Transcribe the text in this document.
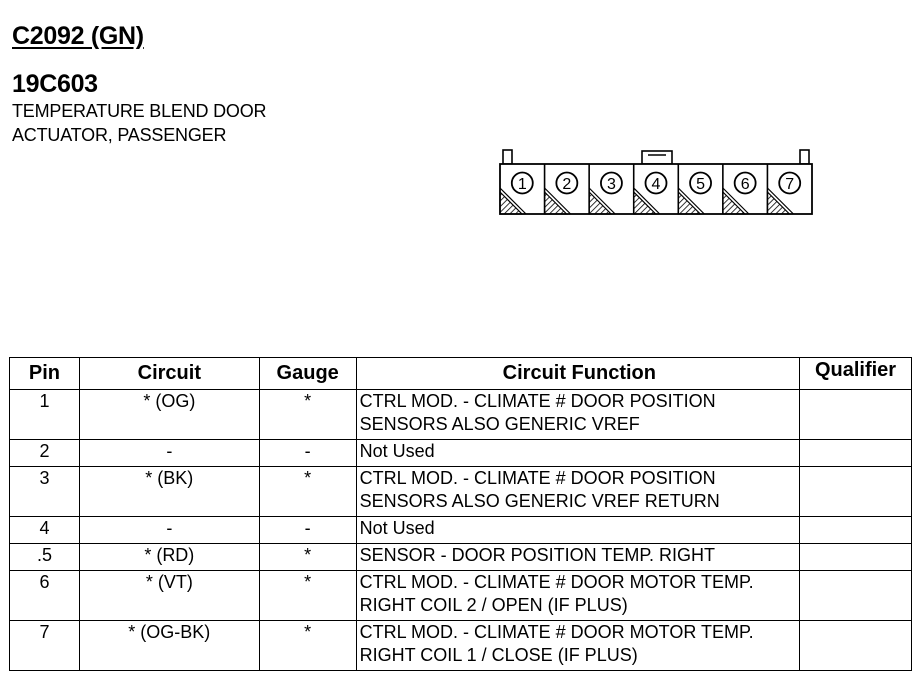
C2092 (GN)
19C603
TEMPERATURE BLEND DOOR
ACTUATOR, PASSENGER
1 2 3 4 5 6 7
Pin	Circuit	Gauge	Circuit Function	Qualifier
1	* (OG)	*	CTRL MOD. - CLIMATE # DOOR POSITION
SENSORS ALSO GENERIC VREF	

2	-	-	Not Used	

3	* (BK)	*	CTRL MOD. - CLIMATE # DOOR POSITION
SENSORS ALSO GENERIC VREF RETURN	

4	-	-	Not Used	

.5	* (RD)	*	SENSOR - DOOR POSITION TEMP. RIGHT	

6	* (VT)	*	CTRL MOD. - CLIMATE # DOOR MOTOR TEMP.
RIGHT COIL 2 / OPEN (IF PLUS)	

7	* (OG-BK)	*	CTRL MOD. - CLIMATE # DOOR MOTOR TEMP.
RIGHT COIL 1 / CLOSE (IF PLUS)	
